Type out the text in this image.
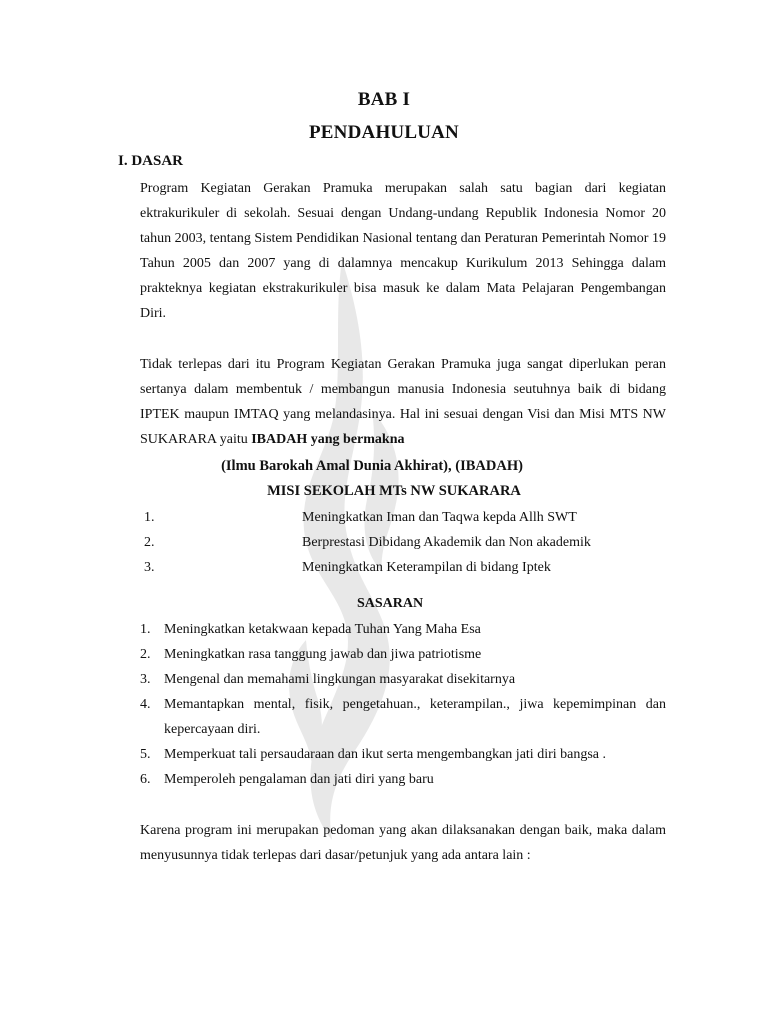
BAB I
PENDAHULUAN
I. DASAR

Program Kegiatan Gerakan Pramuka merupakan salah satu bagian dari kegiatan ektrakurikuler di sekolah. Sesuai dengan Undang-undang Republik Indonesia Nomor 20 tahun 2003, tentang Sistem Pendidikan Nasional tentang dan Peraturan Pemerintah Nomor 19 Tahun 2005 dan 2007 yang di dalamnya mencakup Kurikulum 2013 Sehingga dalam prakteknya kegiatan ekstrakurikuler bisa masuk ke dalam Mata Pelajaran Pengembangan Diri.

Tidak terlepas dari itu Program Kegiatan Gerakan Pramuka juga sangat diperlukan peran sertanya dalam membentuk / membangun manusia Indonesia seutuhnya baik di bidang IPTEK maupun IMTAQ yang melandasinya. Hal ini sesuai dengan Visi dan Misi MTS NW SUKARARA yaitu IBADAH yang bermakna

(Ilmu Barokah Amal Dunia Akhirat), (IBADAH)
MISI SEKOLAH MTs NW SUKARARA
1.	Meningkatkan Iman dan Taqwa kepda Allh SWT
2.	Berprestasi Dibidang Akademik dan Non akademik
3.	Meningkatkan Keterampilan di bidang Iptek
SASARAN
1. Meningkatkan ketakwaan kepada Tuhan Yang Maha Esa
2. Meningkatkan rasa tanggung jawab dan jiwa patriotisme
3. Mengenal dan memahami lingkungan masyarakat disekitarnya
4. Memantapkan mental, fisik, pengetahuan., keterampilan., jiwa kepemimpinan dan kepercayaan diri.
5. Memperkuat tali persaudaraan dan ikut serta mengembangkan jati diri bangsa .
6. Memperoleh pengalaman dan jati diri yang baru

Karena program ini merupakan pedoman yang akan dilaksanakan dengan baik, maka dalam menyusunnya tidak terlepas dari dasar/petunjuk yang ada antara lain :
